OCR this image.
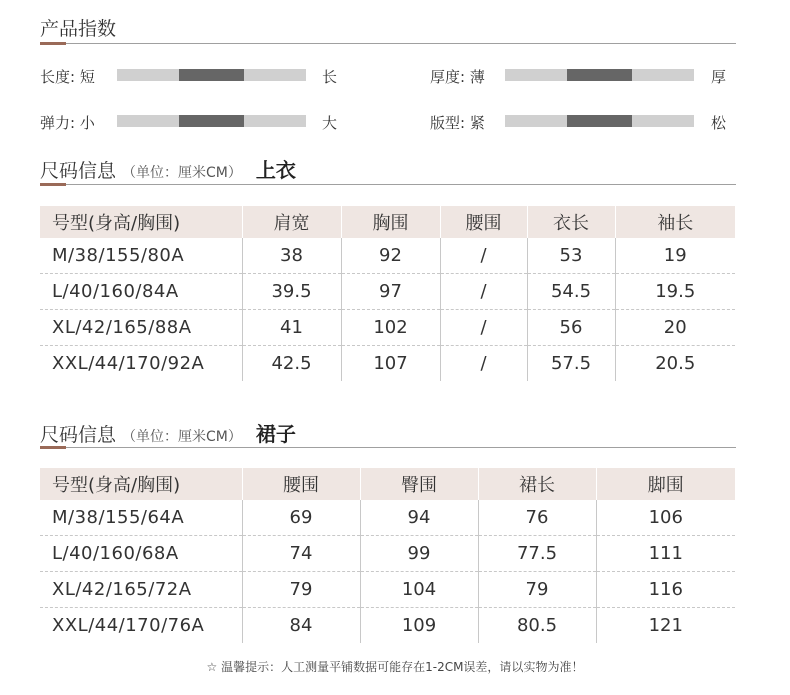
产品指数
长度: 短	长	厚度: 薄	厚
弹力: 小	大	版型: 紧	松
尺码信息 （单位：厘米CM） 上衣
号型(身高/胸围)	肩宽	胸围	腰围	衣长	袖长
M/38/155/80A	38	92	/	53	19
L/40/160/84A	39.5	97	/	54.5	19.5
XL/42/165/88A	41	102	/	56	20
XXL/44/170/92A	42.5	107	/	57.5	20.5
尺码信息 （单位：厘米CM） 裙子
号型(身高/胸围)	腰围	臀围	裙长	脚围
M/38/155/64A	69	94	76	106
L/40/160/68A	74	99	77.5	111
XL/42/165/72A	79	104	79	116
XXL/44/170/76A	84	109	80.5	121
☆ 温馨提示：人工测量平铺数据可能存在1-2CM误差，请以实物为准！
